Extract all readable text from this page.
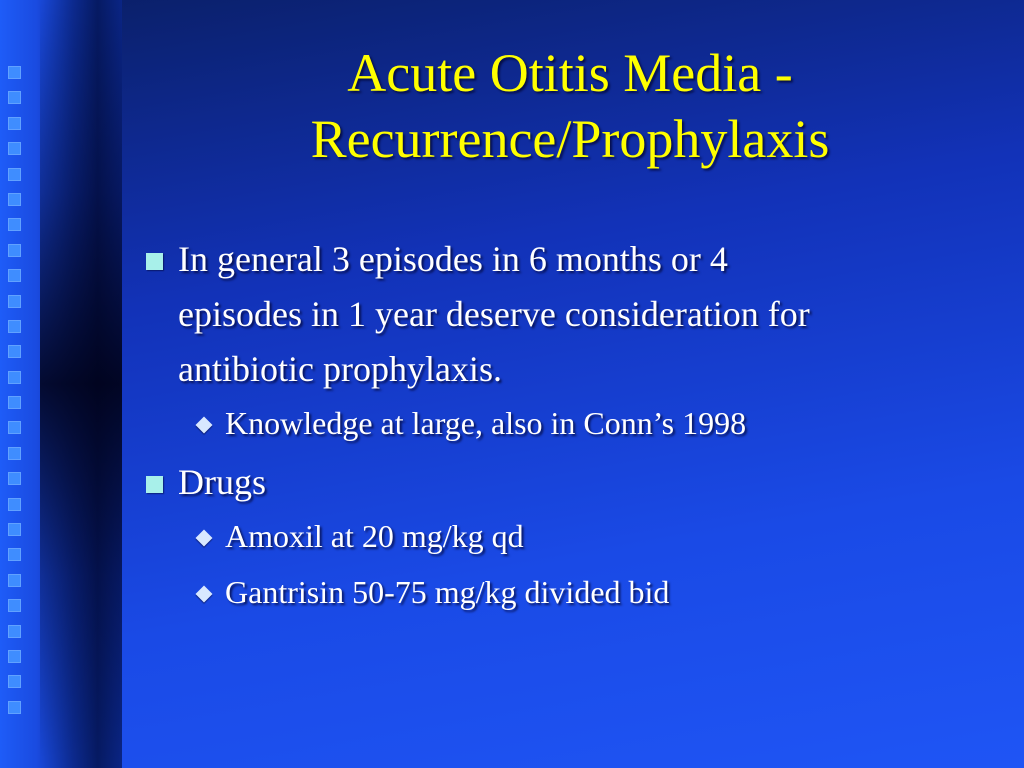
Acute Otitis Media -
Recurrence/Prophylaxis
In general 3 episodes in 6 months or 4
episodes in 1 year deserve consideration for
antibiotic prophylaxis.
Knowledge at large, also in Conn’s 1998
Drugs
Amoxil at 20 mg/kg qd
Gantrisin 50-75 mg/kg divided bid
